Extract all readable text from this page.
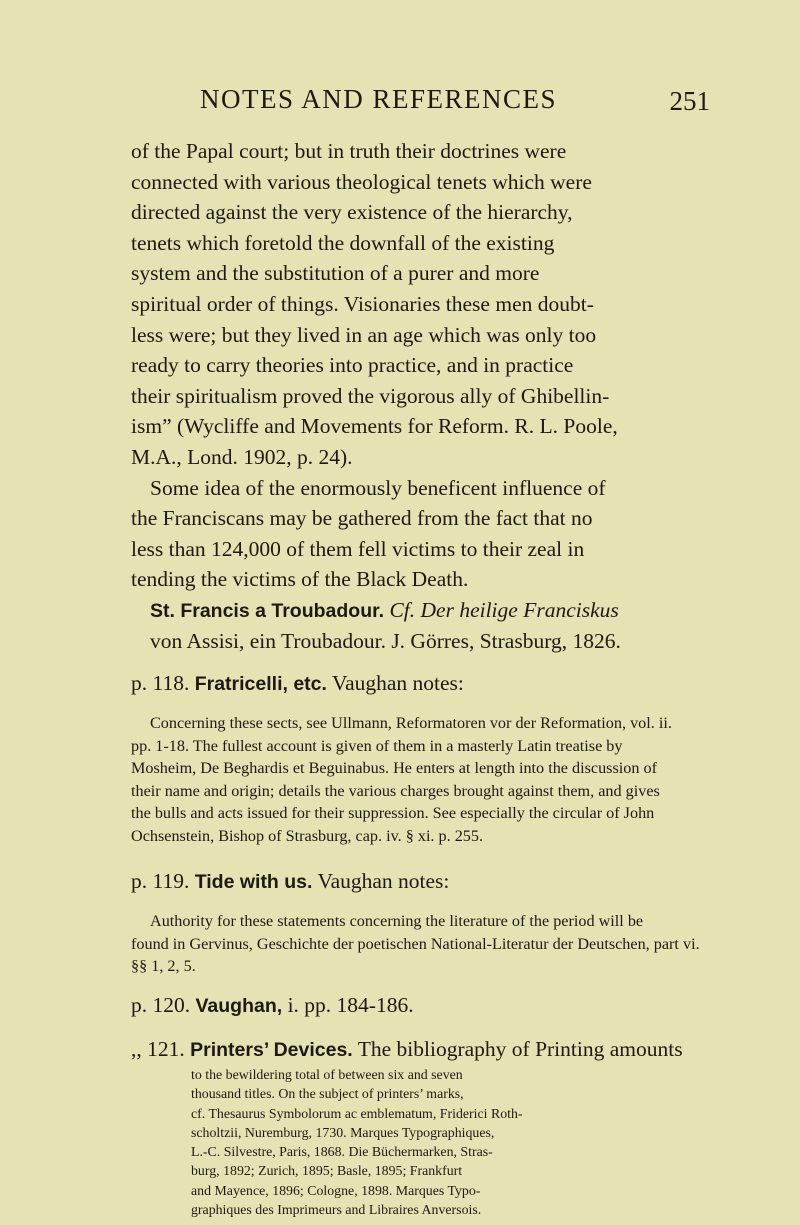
NOTES AND REFERENCES	251
of the Papal court; but in truth their doctrines were
connected with various theological tenets which were
directed against the very existence of the hierarchy,
tenets which foretold the downfall of the existing
system and the substitution of a purer and more
spiritual order of things. Visionaries these men doubt-
less were; but they lived in an age which was only too
ready to carry theories into practice, and in practice
their spiritualism proved the vigorous ally of Ghibellin-
ism” (Wycliffe and Movements for Reform. R. L. Poole,
M.A., Lond. 1902, p. 24).
Some idea of the enormously beneficent influence of
the Franciscans may be gathered from the fact that no
less than 124,000 of them fell victims to their zeal in
tending the victims of the Black Death.
St. Francis a Troubadour. Cf. Der heilige Franciskus
von Assisi, ein Troubadour. J. Görres, Strasburg, 1826.
p. 118. Fratricelli, etc. Vaughan notes:
Concerning these sects, see Ullmann, Reformatoren vor der Reformation, vol. ii.
pp. 1-18. The fullest account is given of them in a masterly Latin treatise by
Mosheim, De Beghardis et Beguinabus. He enters at length into the discussion of
their name and origin; details the various charges brought against them, and gives
the bulls and acts issued for their suppression. See especially the circular of John
Ochsenstein, Bishop of Strasburg, cap. iv. § xi. p. 255.
p. 119. Tide with us. Vaughan notes:
Authority for these statements concerning the literature of the period will be
found in Gervinus, Geschichte der poetischen National-Literatur der Deutschen, part vi.
§§ 1, 2, 5.
p. 120. Vaughan, i. pp. 184-186.
,, 121. Printers’ Devices. The bibliography of Printing amounts
to the bewildering total of between six and seven
thousand titles. On the subject of printers’ marks,
cf. Thesaurus Symbolorum ac emblematum, Friderici Roth-
scholtzii, Nuremburg, 1730. Marques Typographiques,
L.-C. Silvestre, Paris, 1868. Die Büchermarken, Stras-
burg, 1892; Zurich, 1895; Basle, 1895; Frankfurt
and Mayence, 1896; Cologne, 1898. Marques Typo-
graphiques des Imprimeurs and Libraires Anversois.
